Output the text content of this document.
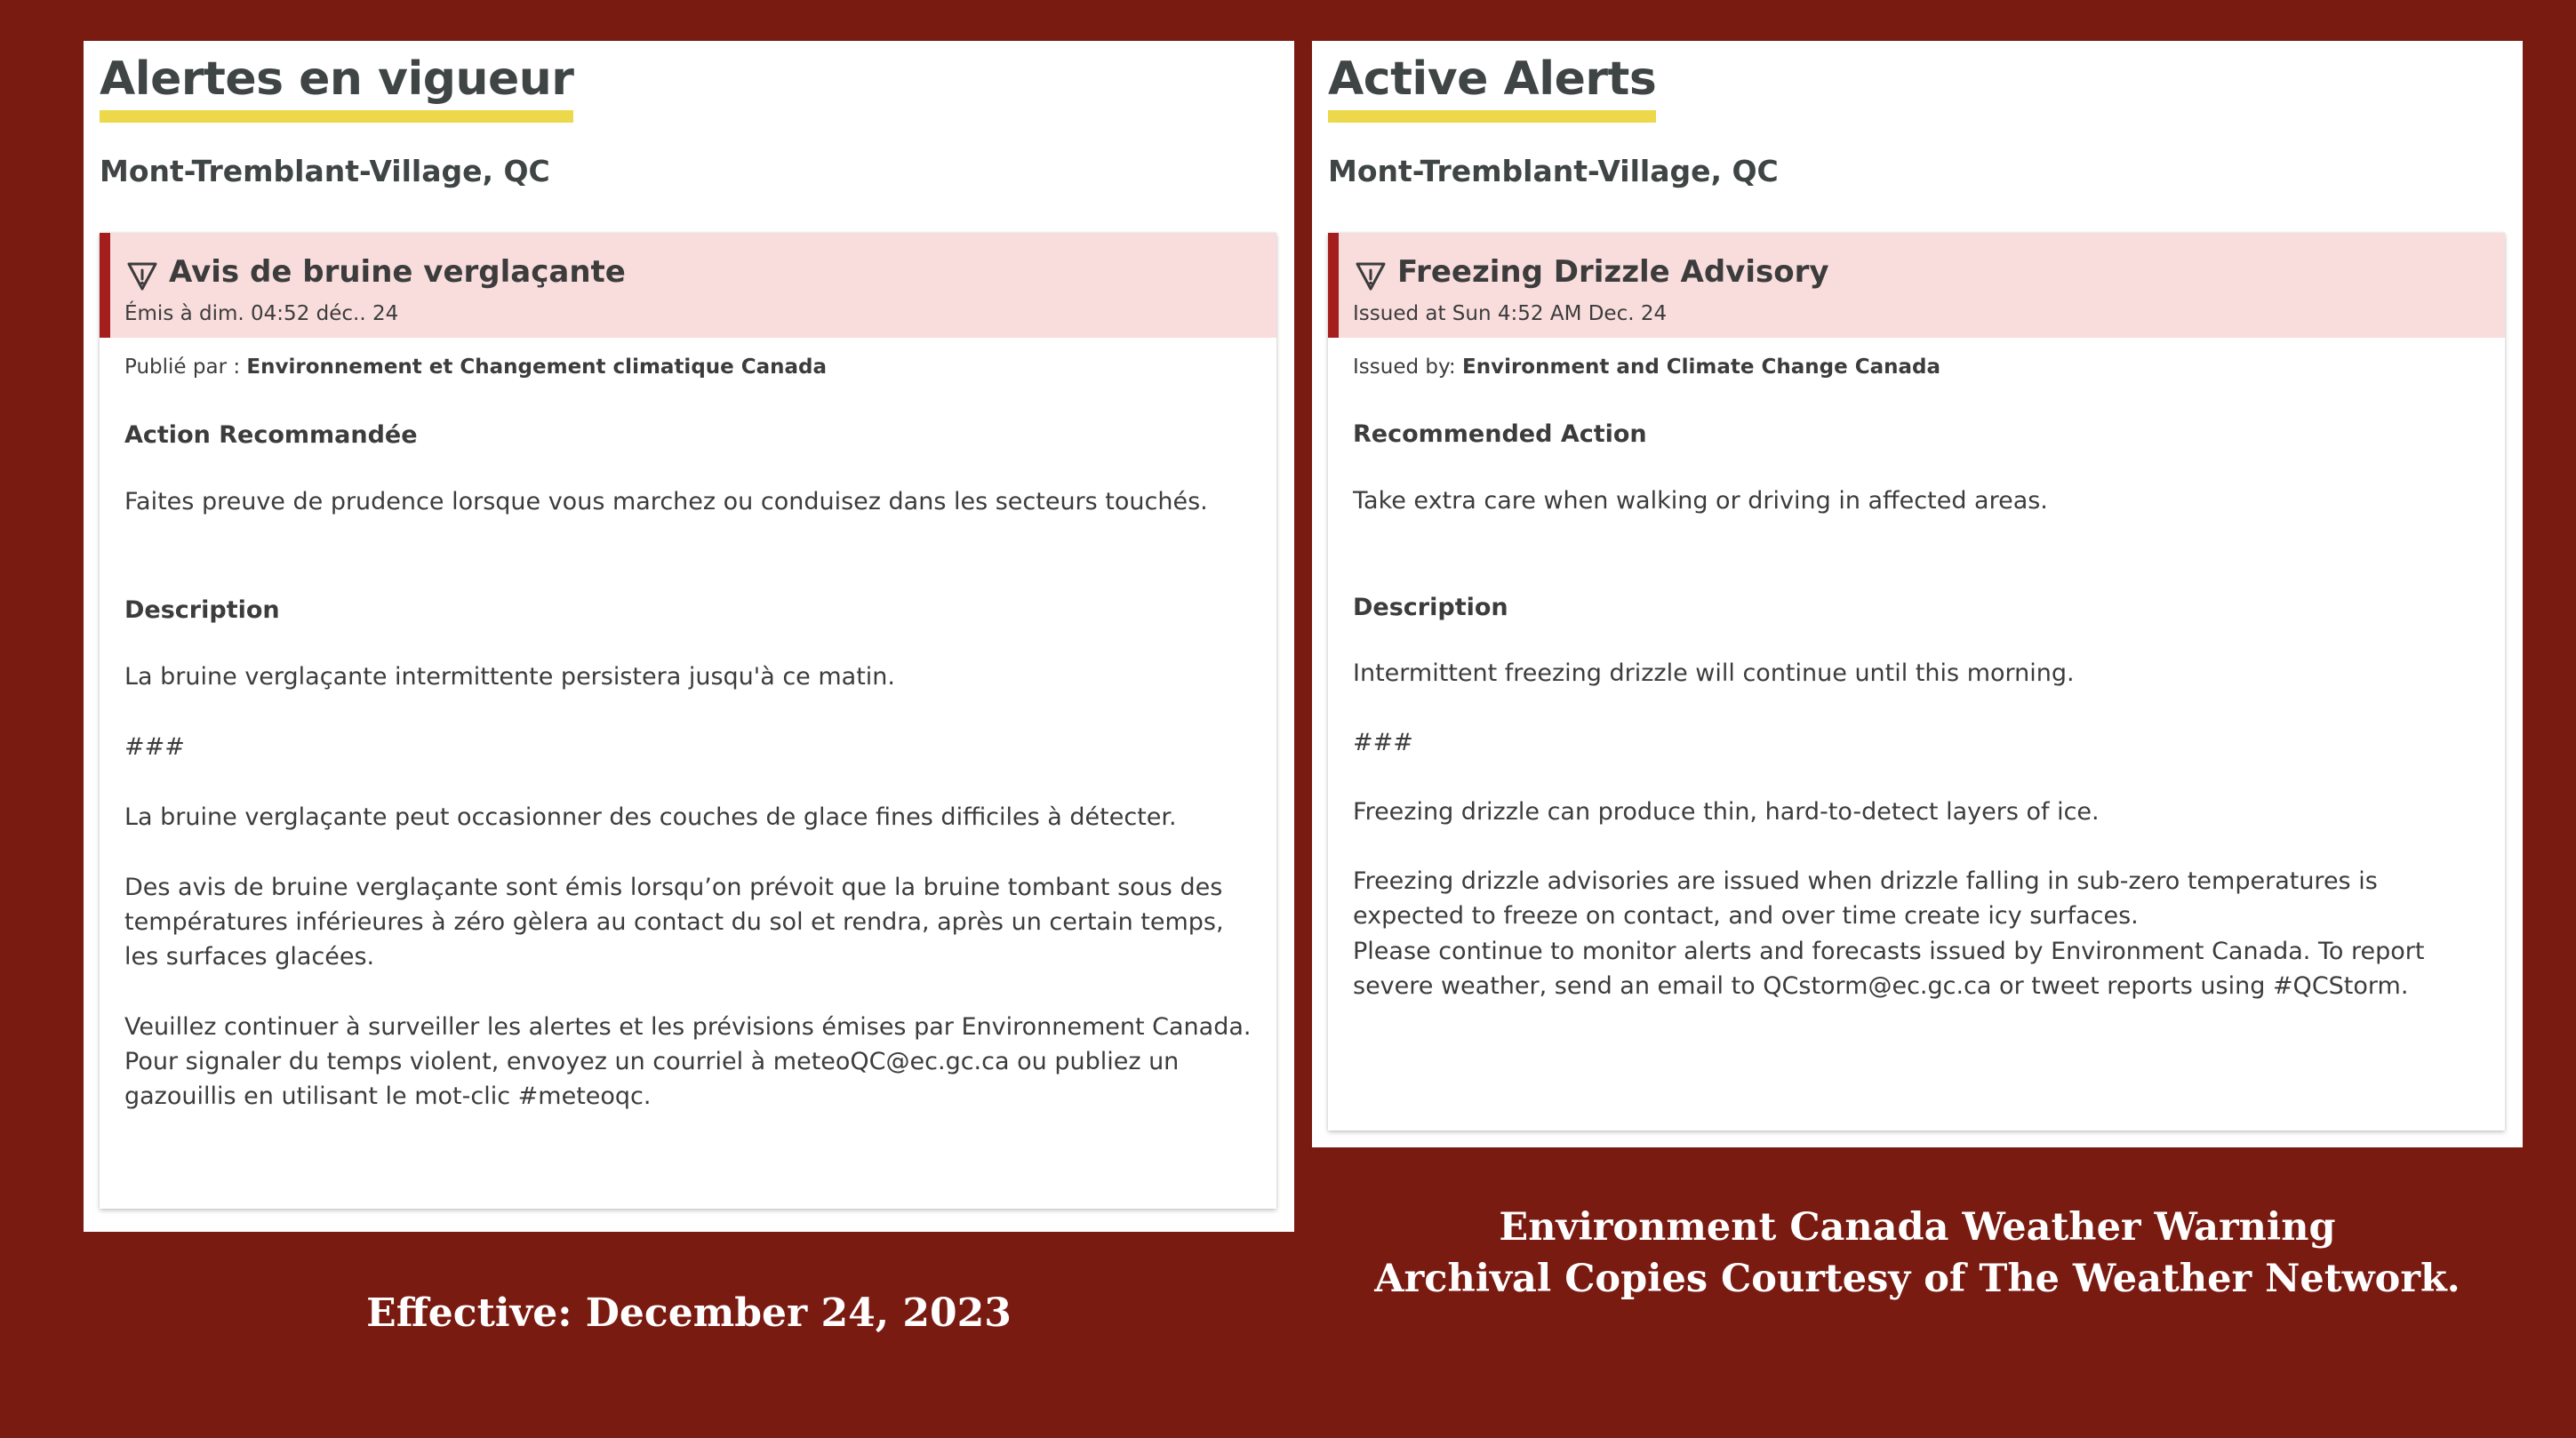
Alertes en vigueur
Mont-Tremblant-Village, QC
Avis de bruine verglaçante
Émis à dim. 04:52 déc.. 24
Publié par : Environnement et Changement climatique Canada
Action Recommandée
Faites preuve de prudence lorsque vous marchez ou conduisez dans les secteurs touchés.
Description
La bruine verglaçante intermittente persistera jusqu'à ce matin.
###
La bruine verglaçante peut occasionner des couches de glace fines difficiles à détecter.
Des avis de bruine verglaçante sont émis lorsqu’on prévoit que la bruine tombant sous des températures inférieures à zéro gèlera au contact du sol et rendra, après un certain temps, les surfaces glacées.
Veuillez continuer à surveiller les alertes et les prévisions émises par Environnement Canada. Pour signaler du temps violent, envoyez un courriel à meteoQC@ec.gc.ca ou publiez un gazouillis en utilisant le mot-clic #meteoqc.
Active Alerts
Mont-Tremblant-Village, QC
Freezing Drizzle Advisory
Issued at Sun 4:52 AM Dec. 24
Issued by: Environment and Climate Change Canada
Recommended Action
Take extra care when walking or driving in affected areas.
Description
Intermittent freezing drizzle will continue until this morning.
###
Freezing drizzle can produce thin, hard-to-detect layers of ice.
Freezing drizzle advisories are issued when drizzle falling in sub-zero temperatures is expected to freeze on contact, and over time create icy surfaces.
Please continue to monitor alerts and forecasts issued by Environment Canada. To report severe weather, send an email to QCstorm@ec.gc.ca or tweet reports using #QCStorm.
Effective: December 24, 2023
Environment Canada Weather Warning
Archival Copies Courtesy of The Weather Network.
